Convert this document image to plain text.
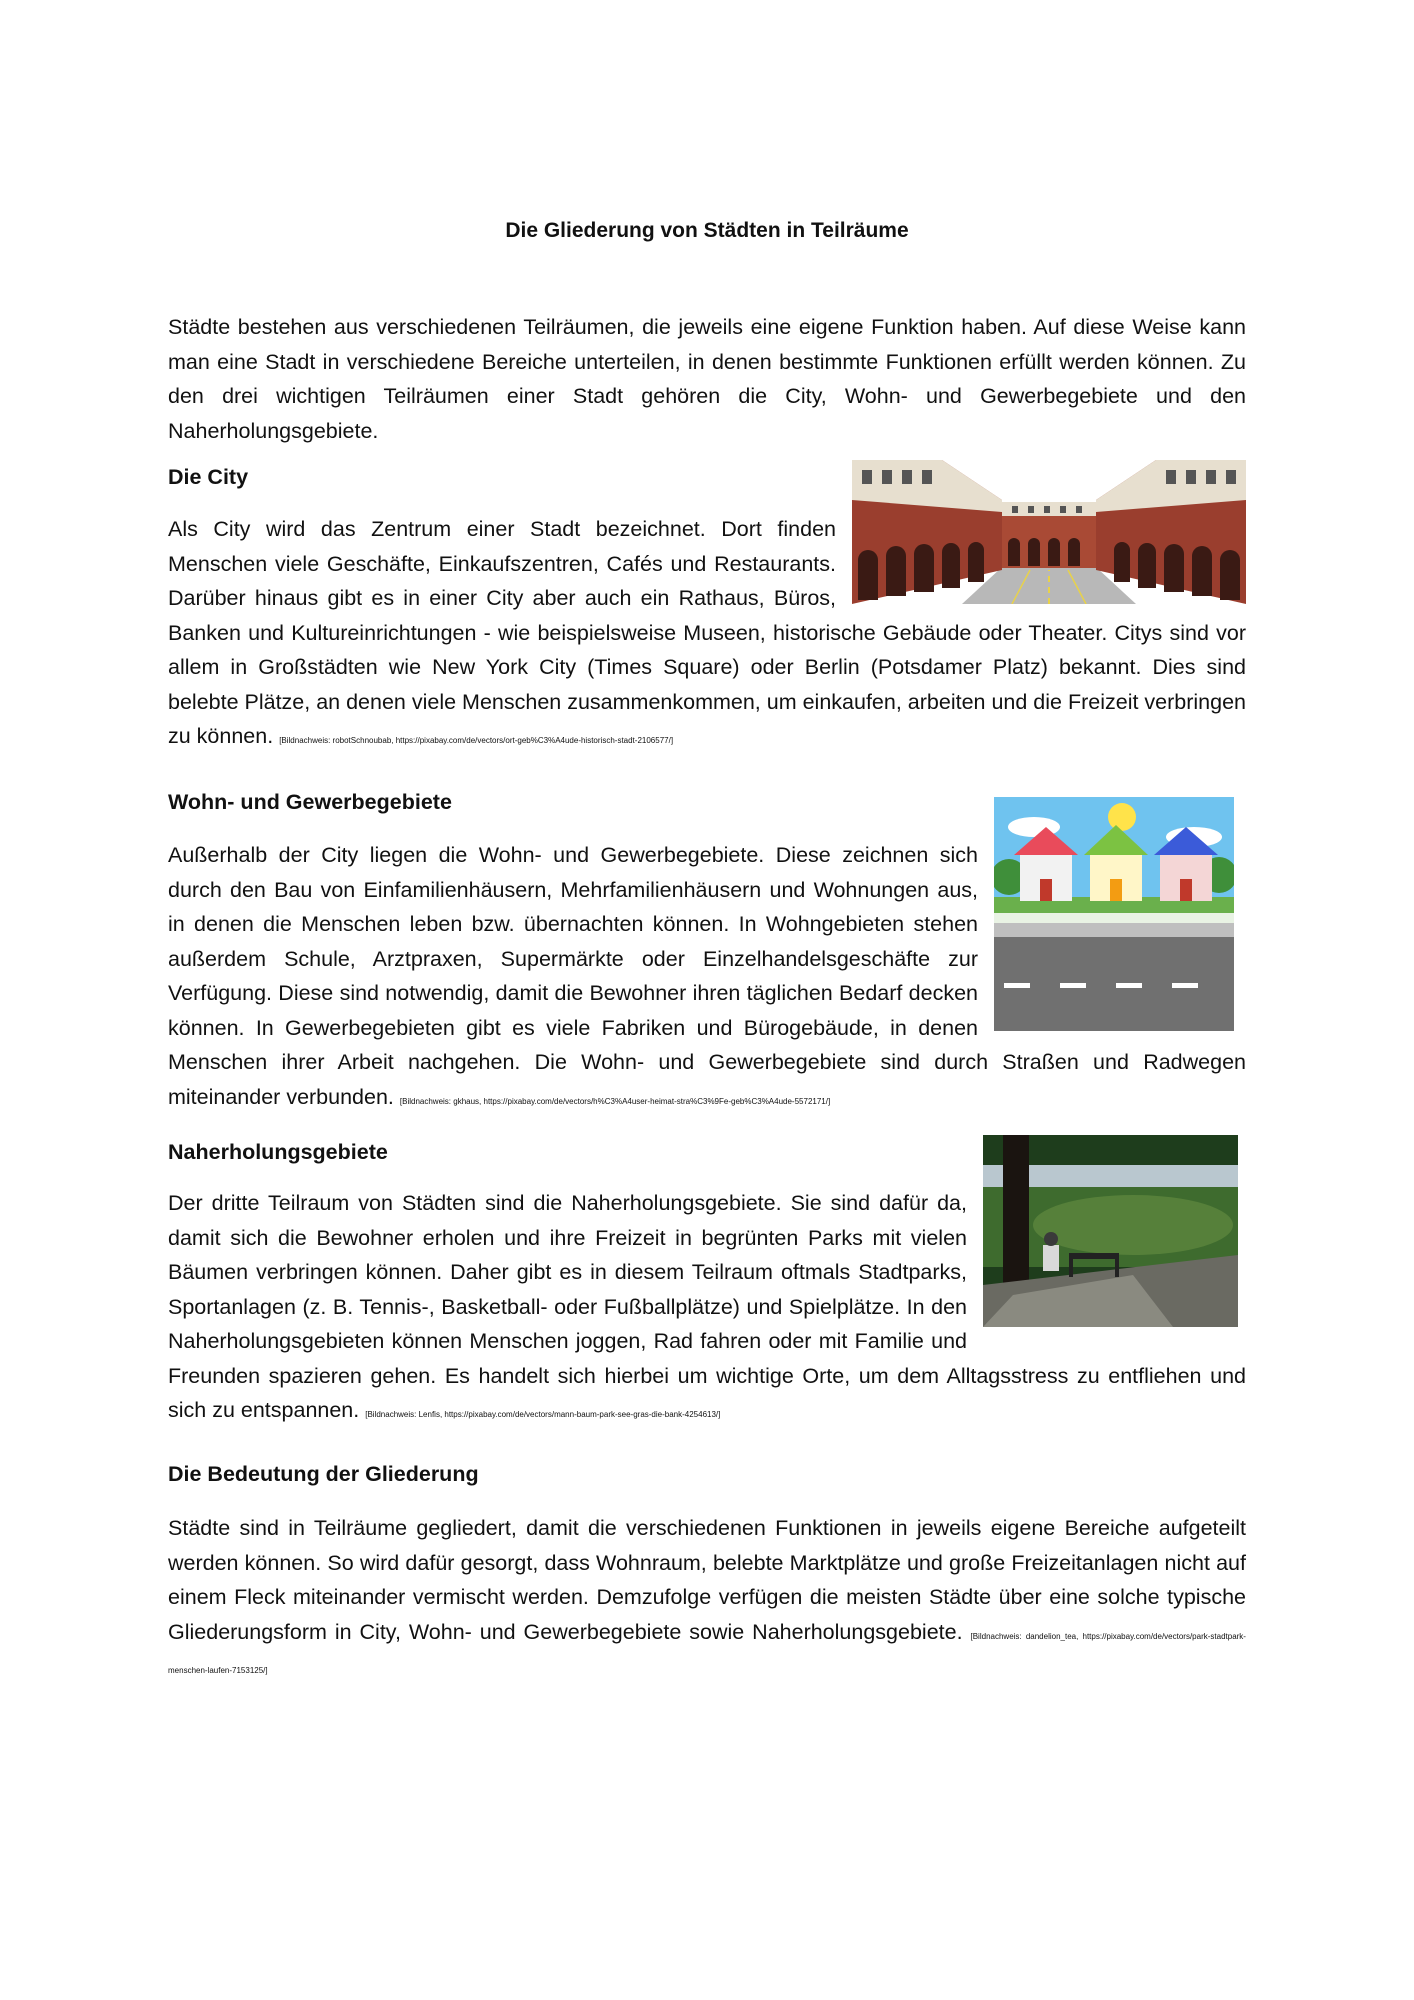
Die Gliederung von Städten in Teilräume

Städte bestehen aus verschiedenen Teilräumen, die jeweils eine eigene Funktion haben. Auf diese Weise kann man eine Stadt in verschiedene Bereiche unterteilen, in denen bestimmte Funktionen erfüllt werden können. Zu den drei wichtigen Teilräumen einer Stadt gehören die City, Wohn- und Gewerbegebiete und den Naherholungsgebiete.

Die City

Als City wird das Zentrum einer Stadt bezeichnet. Dort finden Menschen viele Geschäfte, Einkaufszentren, Cafés und Restaurants. Darüber hinaus gibt es in einer City aber auch ein Rathaus, Büros, Banken und Kultureinrichtungen - wie beispielsweise Museen, historische Gebäude oder Theater. Citys sind vor allem in Großstädten wie New York City (Times Square) oder Berlin (Potsdamer Platz) bekannt. Dies sind belebte Plätze, an denen viele Menschen zusammenkommen, um einkaufen, arbeiten und die Freizeit verbringen zu können. [Bildnachweis: robotSchnoubab, https://pixabay.com/de/vectors/ort-geb%C3%A4ude-historisch-stadt-2106577/]

Wohn- und Gewerbegebiete

Außerhalb der City liegen die Wohn- und Gewerbegebiete. Diese zeichnen sich durch den Bau von Einfamilienhäusern, Mehrfamilienhäusern und Wohnungen aus, in denen die Menschen leben bzw. übernachten können. In Wohngebieten stehen außerdem Schule, Arztpraxen, Supermärkte oder Einzelhandelsgeschäfte zur Verfügung. Diese sind notwendig, damit die Bewohner ihren täglichen Bedarf decken können. In Gewerbegebieten gibt es viele Fabriken und Bürogebäude, in denen Menschen ihrer Arbeit nachgehen. Die Wohn- und Gewerbegebiete sind durch Straßen und Radwegen miteinander verbunden. [Bildnachweis: gkhaus, https://pixabay.com/de/vectors/h%C3%A4user-heimat-stra%C3%9Fe-geb%C3%A4ude-5572171/]

Naherholungsgebiete

Der dritte Teilraum von Städten sind die Naherholungsgebiete. Sie sind dafür da, damit sich die Bewohner erholen und ihre Freizeit in begrünten Parks mit vielen Bäumen verbringen können. Daher gibt es in diesem Teilraum oftmals Stadtparks, Sportanlagen (z. B. Tennis-, Basketball- oder Fußballplätze) und Spielplätze. In den Naherholungsgebieten können Menschen joggen, Rad fahren oder mit Familie und Freunden spazieren gehen. Es handelt sich hierbei um wichtige Orte, um dem Alltagsstress zu entfliehen und sich zu entspannen. [Bildnachweis: Lenfis, https://pixabay.com/de/vectors/mann-baum-park-see-gras-die-bank-4254613/]

Die Bedeutung der Gliederung

Städte sind in Teilräume gegliedert, damit die verschiedenen Funktionen in jeweils eigene Bereiche aufgeteilt werden können. So wird dafür gesorgt, dass Wohnraum, belebte Marktplätze und große Freizeitanlagen nicht auf einem Fleck miteinander vermischt werden. Demzufolge verfügen die meisten Städte über eine solche typische Gliederungsform in City, Wohn- und Gewerbegebiete sowie Naherholungsgebiete. [Bildnachweis: dandelion_tea, https://pixabay.com/de/vectors/park-stadtpark-menschen-laufen-7153125/]
